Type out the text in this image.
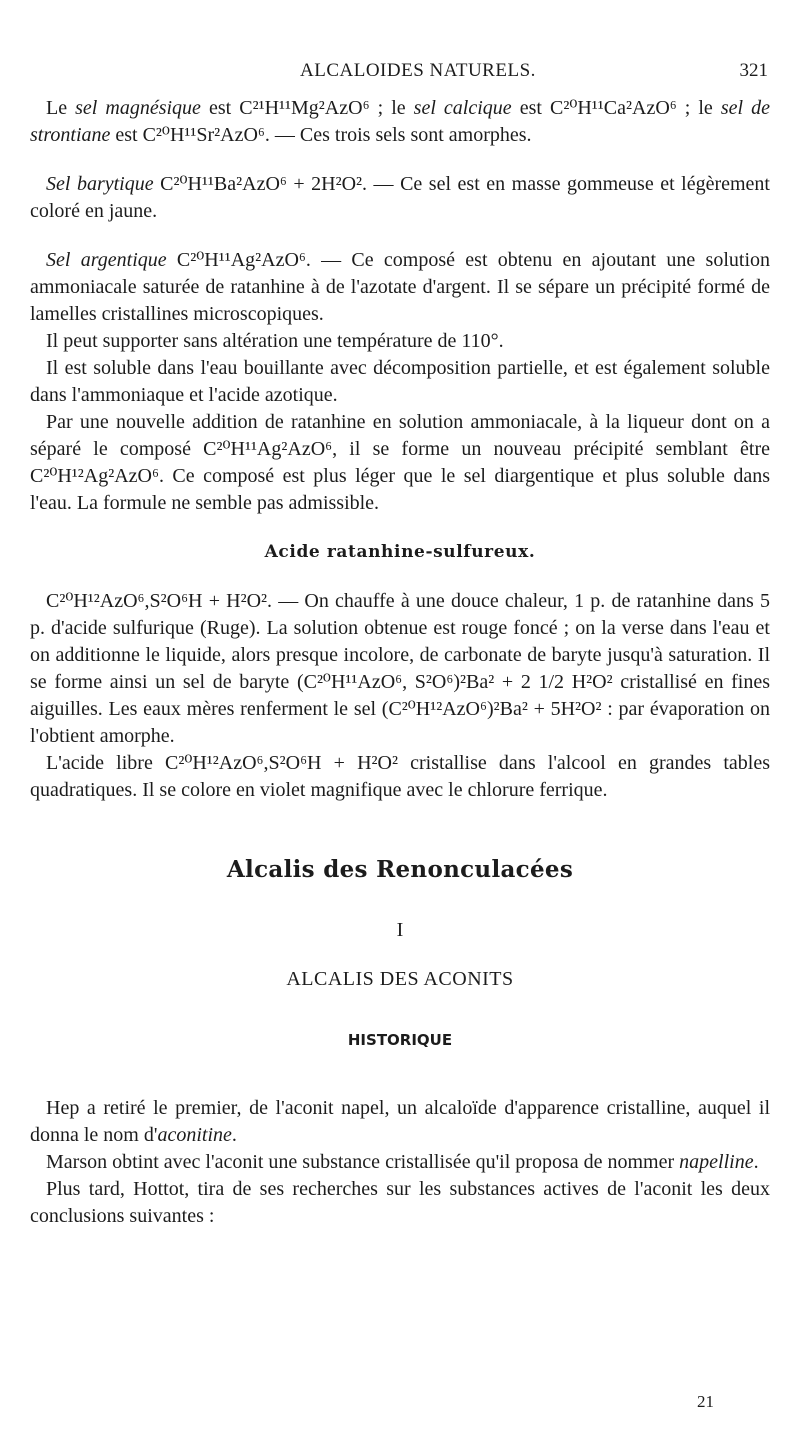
ALCALOIDES NATURELS.	321

Le sel magnésique est C²¹H¹¹Mg²AzO⁶ ; le sel calcique est C²⁰H¹¹Ca²AzO⁶ ; le sel de strontiane est C²⁰H¹¹Sr²AzO⁶. — Ces trois sels sont amorphes.

Sel barytique C²⁰H¹¹Ba²AzO⁶ + 2H²O². — Ce sel est en masse gommeuse et légèrement coloré en jaune.

Sel argentique C²⁰H¹¹Ag²AzO⁶. — Ce composé est obtenu en ajoutant une solution ammoniacale saturée de ratanhine à de l'azotate d'argent. Il se sépare un précipité formé de lamelles cristallines microscopiques.

Il peut supporter sans altération une température de 110°.

Il est soluble dans l'eau bouillante avec décomposition partielle, et est également soluble dans l'ammoniaque et l'acide azotique.

Par une nouvelle addition de ratanhine en solution ammoniacale, à la liqueur dont on a séparé le composé C²⁰H¹¹Ag²AzO⁶, il se forme un nouveau précipité semblant être C²⁰H¹²Ag²AzO⁶. Ce composé est plus léger que le sel diargentique et plus soluble dans l'eau. La formule ne semble pas admissible.

Acide ratanhine-sulfureux.

C²⁰H¹²AzO⁶,S²O⁶H + H²O². — On chauffe à une douce chaleur, 1 p. de ratanhine dans 5 p. d'acide sulfurique (Ruge). La solution obtenue est rouge foncé ; on la verse dans l'eau et on additionne le liquide, alors presque incolore, de carbonate de baryte jusqu'à saturation. Il se forme ainsi un sel de baryte (C²⁰H¹¹AzO⁶, S²O⁶)²Ba² + 2 1/2 H²O² cristallisé en fines aiguilles. Les eaux mères renferment le sel (C²⁰H¹²AzO⁶)²Ba² + 5H²O² : par évaporation on l'obtient amorphe.

L'acide libre C²⁰H¹²AzO⁶,S²O⁶H + H²O² cristallise dans l'alcool en grandes tables quadratiques. Il se colore en violet magnifique avec le chlorure ferrique.

Alcalis des Renonculacées
I
ALCALIS DES ACONITS
HISTORIQUE

Hep a retiré le premier, de l'aconit napel, un alcaloïde d'apparence cristalline, auquel il donna le nom d'aconitine.

Marson obtint avec l'aconit une substance cristallisée qu'il proposa de nommer napelline.

Plus tard, Hottot, tira de ses recherches sur les substances actives de l'aconit les deux conclusions suivantes :

21
